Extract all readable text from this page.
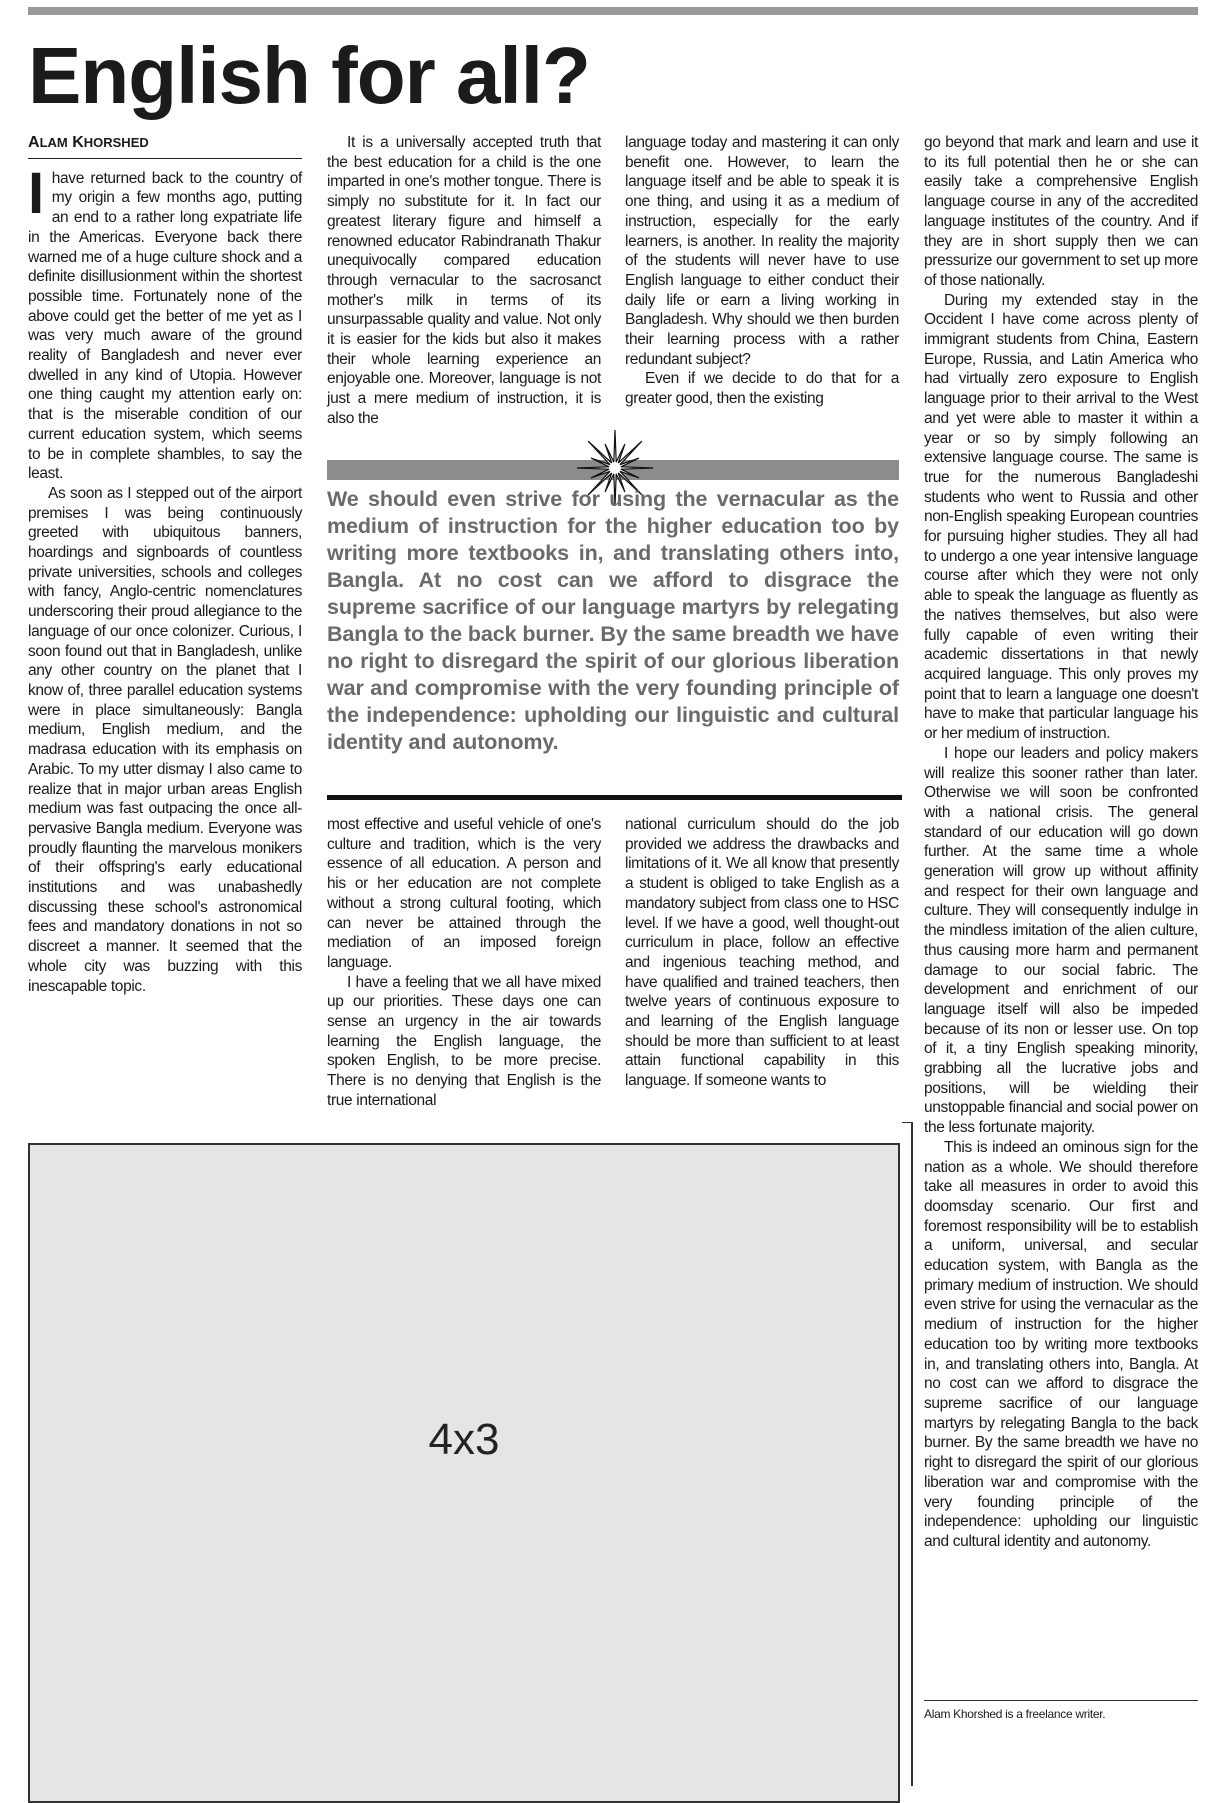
English for all?
ALAM KHORSHED

Ihave returned back to the country of my origin a few months ago, putting an end to a rather long expatriate life in the Americas. Everyone back there warned me of a huge culture shock and a definite disillusionment within the shortest possible time. Fortunately none of the above could get the better of me yet as I was very much aware of the ground reality of Bangladesh and never ever dwelled in any kind of Utopia. However one thing caught my attention early on: that is the miserable condition of our current education system, which seems to be in complete shambles, to say the least.

As soon as I stepped out of the airport premises I was being continuously greeted with ubiquitous banners, hoardings and signboards of countless private universities, schools and colleges with fancy, Anglo-centric nomenclatures underscoring their proud allegiance to the language of our once colonizer. Curious, I soon found out that in Bangladesh, unlike any other country on the planet that I know of, three parallel education systems were in place simultaneously: Bangla medium, English medium, and the madrasa education with its emphasis on Arabic. To my utter dismay I also came to realize that in major urban areas English medium was fast outpacing the once all-pervasive Bangla medium. Everyone was proudly flaunting the marvelous monikers of their offspring's early educational institutions and was unabashedly discussing these school's astronomical fees and mandatory donations in not so discreet a manner. It seemed that the whole city was buzzing with this inescapable topic.

It is a universally accepted truth that the best education for a child is the one imparted in one's mother tongue. There is simply no substitute for it. In fact our greatest literary figure and himself a renowned educator Rabindranath Thakur unequivocally compared education through vernacular to the sacrosanct mother's milk in terms of its unsurpassable quality and value. Not only it is easier for the kids but also it makes their whole learning experience an enjoyable one. Moreover, language is not just a mere medium of instruction, it is also the

language today and mastering it can only benefit one. However, to learn the language itself and be able to speak it is one thing, and using it as a medium of instruction, especially for the early learners, is another. In reality the majority of the students will never have to use English language to either conduct their daily life or earn a living working in Bangladesh. Why should we then burden their learning process with a rather redundant subject?

Even if we decide to do that for a greater good, then the existing

We should even strive for using the vernacular as the medium of instruction for the higher education too by writing more textbooks in, and translating others into, Bangla. At no cost can we afford to disgrace the supreme sacrifice of our language martyrs by relegating Bangla to the back burner. By the same breadth we have no right to disregard the spirit of our glorious liberation war and compromise with the very founding principle of the independence: upholding our linguistic and cultural identity and autonomy.

most effective and useful vehicle of one's culture and tradition, which is the very essence of all education. A person and his or her education are not complete without a strong cultural footing, which can never be attained through the mediation of an imposed foreign language.

I have a feeling that we all have mixed up our priorities. These days one can sense an urgency in the air towards learning the English language, the spoken English, to be more precise. There is no denying that English is the true international

national curriculum should do the job provided we address the drawbacks and limitations of it. We all know that presently a student is obliged to take English as a mandatory subject from class one to HSC level. If we have a good, well thought-out curriculum in place, follow an effective and ingenious teaching method, and have qualified and trained teachers, then twelve years of continuous exposure to and learning of the English language should be more than sufficient to at least attain functional capability in this language. If someone wants to

go beyond that mark and learn and use it to its full potential then he or she can easily take a comprehensive English language course in any of the accredited language institutes of the country. And if they are in short supply then we can pressurize our government to set up more of those nationally.

During my extended stay in the Occident I have come across plenty of immigrant students from China, Eastern Europe, Russia, and Latin America who had virtually zero exposure to English language prior to their arrival to the West and yet were able to master it within a year or so by simply following an extensive language course. The same is true for the numerous Bangladeshi students who went to Russia and other non-English speaking European countries for pursuing higher studies. They all had to undergo a one year intensive language course after which they were not only able to speak the language as fluently as the natives themselves, but also were fully capable of even writing their academic dissertations in that newly acquired language. This only proves my point that to learn a language one doesn't have to make that particular language his or her medium of instruction.

I hope our leaders and policy makers will realize this sooner rather than later. Otherwise we will soon be confronted with a national crisis. The general standard of our education will go down further. At the same time a whole generation will grow up without affinity and respect for their own language and culture. They will consequently indulge in the mindless imitation of the alien culture, thus causing more harm and permanent damage to our social fabric. The development and enrichment of our language itself will also be impeded because of its non or lesser use. On top of it, a tiny English speaking minority, grabbing all the lucrative jobs and positions, will be wielding their unstoppable financial and social power on the less fortunate majority.

This is indeed an ominous sign for the nation as a whole. We should therefore take all measures in order to avoid this doomsday scenario. Our first and foremost responsibility will be to establish a uniform, universal, and secular education system, with Bangla as the primary medium of instruction. We should even strive for using the vernacular as the medium of instruction for the higher education too by writing more textbooks in, and translating others into, Bangla. At no cost can we afford to disgrace the supreme sacrifice of our language martyrs by relegating Bangla to the back burner. By the same breadth we have no right to disregard the spirit of our glorious liberation war and compromise with the very founding principle of the independence: upholding our linguistic and cultural identity and autonomy.

Alam Khorshed is a freelance writer.
4x3
